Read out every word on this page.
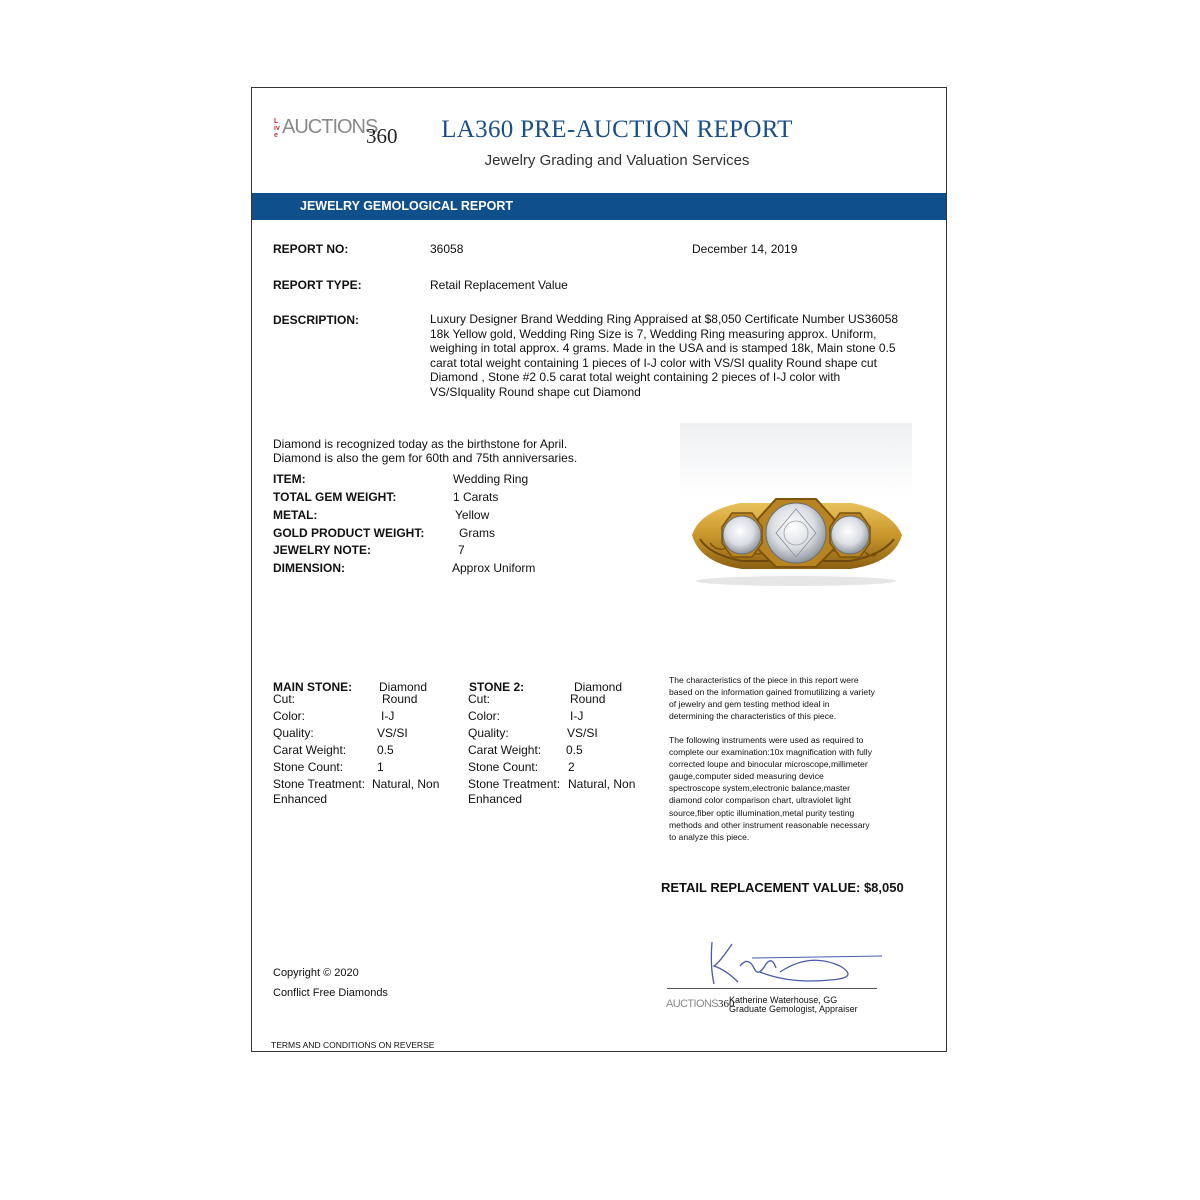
Live AUCTIONS
360	LA360 PRE-AUCTION REPORT
Jewelry Grading and Valuation Services
JEWELRY GEMOLOGICAL REPORT
REPORT NO:	36058	December 14, 2019
REPORT TYPE:	Retail Replacement Value
DESCRIPTION:	Luxury Designer Brand Wedding Ring Appraised at $8,050 Certificate Number US36058 18k Yellow gold, Wedding Ring Size is 7, Wedding Ring measuring approx. Uniform, weighing in total approx. 4 grams. Made in the USA and is stamped 18k, Main stone 0.5 carat total weight containing 1 pieces of I-J color with VS/SI quality Round shape cut Diamond , Stone #2 0.5 carat total weight containing 2 pieces of I-J color with VS/SIquality Round shape cut Diamond
Diamond is recognized today as the birthstone for April.
Diamond is also the gem for 60th and 75th anniversaries.
ITEM:	Wedding Ring
TOTAL GEM WEIGHT:	1 Carats
METAL:	Yellow
GOLD PRODUCT WEIGHT:	Grams
JEWELRY NOTE:	7
DIMENSION:	Approx Uniform
MAIN STONE: Diamond
Cut:	Round
Color:	I-J
Quality:	VS/SI
Carat Weight:	0.5
Stone Count:	1
Stone Treatment: Natural, Non
Enhanced
STONE 2:	Diamond
Cut:	Round
Color:	I-J
Quality:	VS/SI
Carat Weight: 0.5
Stone Count: 2
Stone Treatment: Natural, Non
Enhanced
The characteristics of the piece in this report were
based on the information gained fromutilizing a variety
of jewelry and gem testing method ideal in
determining the characteristics of this piece.
The following instruments were used as required to
complete our examination:10x magnification with fully
corrected loupe and binocular microscope,millimeter
gauge,computer sided measuring device
spectroscope system,electronic balance,master
diamond color comparison chart, ultraviolet light
source,fiber optic illumination,metal purity testing
methods and other instrument reasonable necessary
to analyze this piece.
RETAIL REPLACEMENT VALUE: $8,050
AUCTIONS360
Katherine Waterhouse, GG
Graduate Gemologist, Appraiser
Copyright © 2020
Conflict Free Diamonds
TERMS AND CONDITIONS ON REVERSE
